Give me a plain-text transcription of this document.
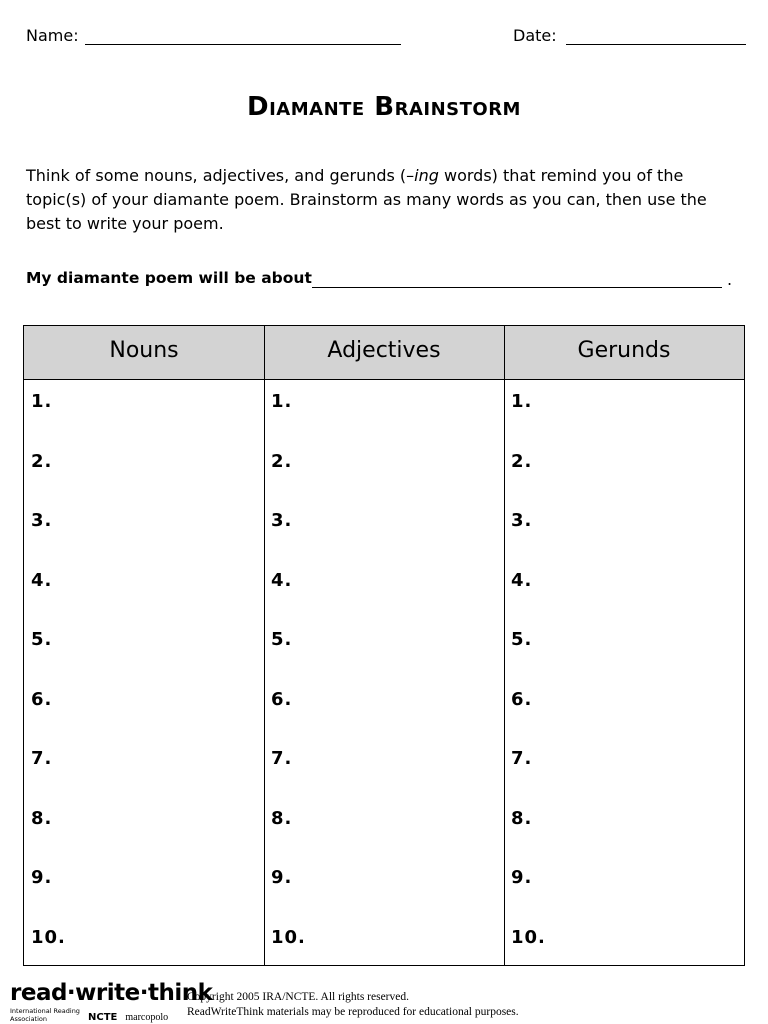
Name:	Date:
Diamante Brainstorm
Think of some nouns, adjectives, and gerunds (–ing words) that remind you of the topic(s) of your diamante poem. Brainstorm as many words as you can, then use the best to write your poem.
My diamante poem will be about	.
Nouns	Adjectives	Gerunds
1.	1.	1.
2.	2.	2.
3.	3.	3.
4.	4.	4.
5.	5.	5.
6.	6.	6.
7.	7.	7.
8.	8.	8.
9.	9.	9.
10.	10.	10.
read·write·think
International Reading Association	NCTE marcopolo
Copyright 2005 IRA/NCTE. All rights reserved.
ReadWriteThink materials may be reproduced for educational purposes.
